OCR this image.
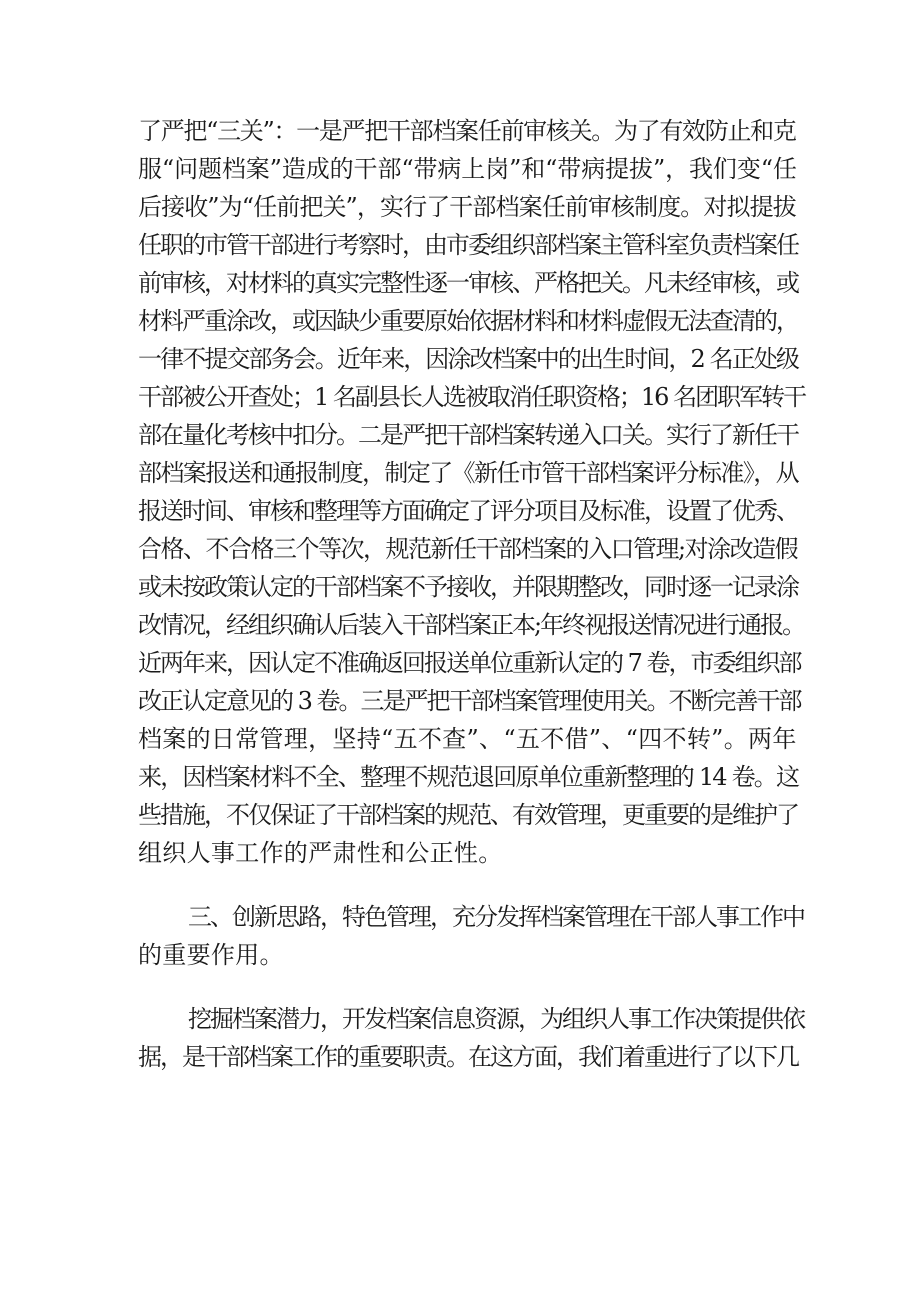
了严把“三关”：一是严把干部档案任前审核关。为了有效防止和克
服“问题档案”造成的干部“带病上岗”和“带病提拔”，我们变“任
后接收”为“任前把关”，实行了干部档案任前审核制度。对拟提拔
任职的市管干部进行考察时，由市委组织部档案主管科室负责档案任
前审核，对材料的真实完整性逐一审核、严格把关。凡未经审核，或
材料严重涂改，或因缺少重要原始依据材料和材料虚假无法查清的，
一律不提交部务会。近年来，因涂改档案中的出生时间，2 名正处级
干部被公开查处；1 名副县长人选被取消任职资格；16 名团职军转干
部在量化考核中扣分。二是严把干部档案转递入口关。实行了新任干
部档案报送和通报制度，制定了《新任市管干部档案评分标准》，从
报送时间、审核和整理等方面确定了评分项目及标准，设置了优秀、
合格、不合格三个等次，规范新任干部档案的入口管理;对涂改造假
或未按政策认定的干部档案不予接收，并限期整改，同时逐一记录涂
改情况，经组织确认后装入干部档案正本;年终视报送情况进行通报。
近两年来，因认定不准确返回报送单位重新认定的 7 卷，市委组织部
改正认定意见的 3 卷。三是严把干部档案管理使用关。不断完善干部
档案的日常管理，坚持“五不查”、“五不借”、“四不转”。两年
来，因档案材料不全、整理不规范退回原单位重新整理的 14 卷。这
些措施，不仅保证了干部档案的规范、有效管理，更重要的是维护了
组织人事工作的严肃性和公正性。
三、创新思路，特色管理，充分发挥档案管理在干部人事工作中
的重要作用。
挖掘档案潜力，开发档案信息资源，为组织人事工作决策提供依
据，是干部档案工作的重要职责。在这方面，我们着重进行了以下几
